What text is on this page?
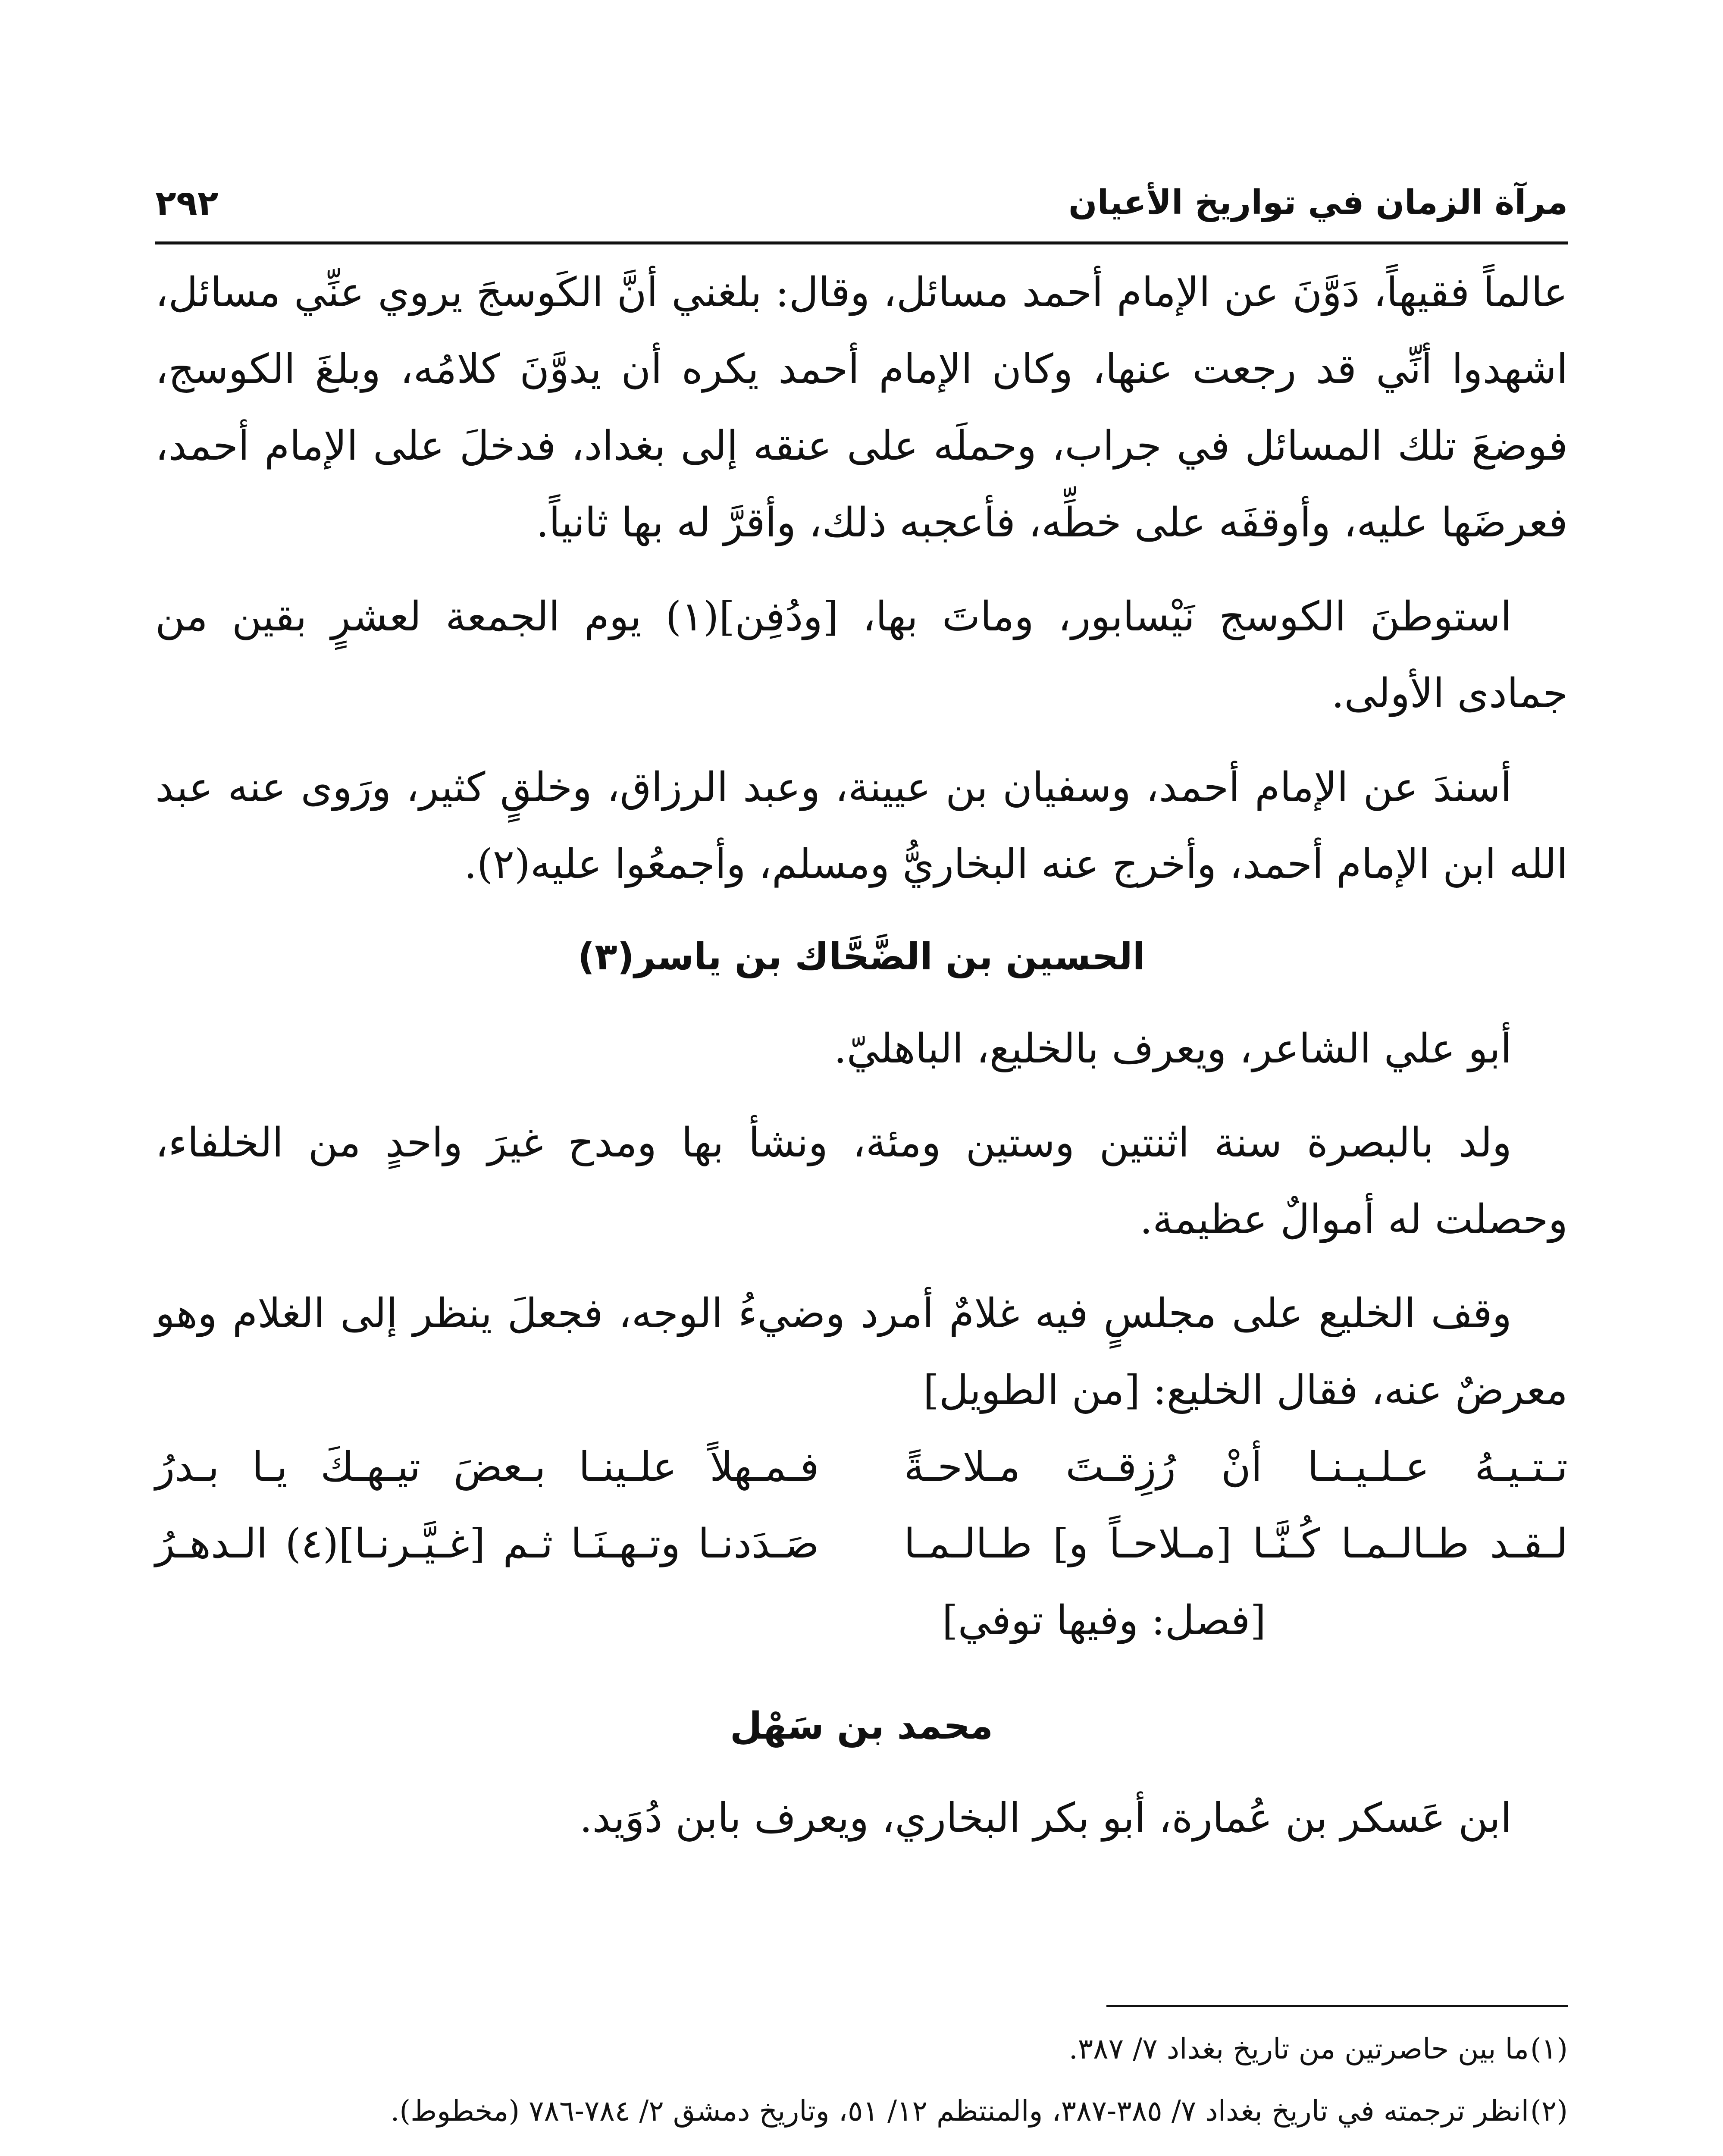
مرآة الزمان في تواريخ الأعيان
٢٩٢

عالماً فقيهاً، دَوَّنَ عن الإمام أحمد مسائل، وقال: بلغني أنَّ الكَوسجَ يروي عنِّي مسائل، اشهدوا أنِّي قد رجعت عنها، وكان الإمام أحمد يكره أن يدوَّنَ كلامُه، وبلغَ الكوسج، فوضعَ تلك المسائل في جراب، وحملَه على عنقه إلى بغداد، فدخلَ على الإمام أحمد، فعرضَها عليه، وأوقفَه على خطِّه، فأعجبه ذلك، وأقرَّ له بها ثانياً.

استوطنَ الكوسج نَيْسابور، وماتَ بها، [ودُفِن](١) يوم الجمعة لعشرٍ بقين من جمادى الأولى.

أسندَ عن الإمام أحمد، وسفيان بن عيينة، وعبد الرزاق، وخلقٍ كثير، ورَوى عنه عبد الله ابن الإمام أحمد، وأخرج عنه البخاريُّ ومسلم، وأجمعُوا عليه(٢).

الحسين بن الضَّحَّاك بن ياسر(٣)

أبو علي الشاعر، ويعرف بالخليع، الباهليّ.

ولد بالبصرة سنة اثنتين وستين ومئة، ونشأ بها ومدح غيرَ واحدٍ من الخلفاء، وحصلت له أموالٌ عظيمة.

وقف الخليع على مجلسٍ فيه غلامٌ أمرد وضيءُ الوجه، فجعلَ ينظر إلى الغلام وهو معرضٌ عنه، فقال الخليع: [من الطويل]

تـتـيـهُ عـلـيـنـا أنْ رُزِقـتَ مـلاحـةً
فـمـهلاً علـينـا بـعضَ تيـهـكَ يـا بـدرُ
لـقـد طـالـمـا كُـنَّـا [مـلاحـاً و] طـالـمـا
صَـدَدنـا وتـهـنَـا ثـم [غـيَّـرنـا](٤) الـدهـرُ
[فصل: وفيها توفي]

محمد بن سَهْل

ابن عَسكر بن عُمارة، أبو بكر البخاري، ويعرف بابن دُوَيد.

(١)
ما بين حاصرتين من تاريخ بغداد ٧/ ٣٨٧.
(٢)
انظر ترجمته في تاريخ بغداد ٧/ ٣٨٥-٣٨٧، والمنتظم ١٢/ ٥١، وتاريخ دمشق ٢/ ٧٨٤-٧٨٦ (مخطوط).
